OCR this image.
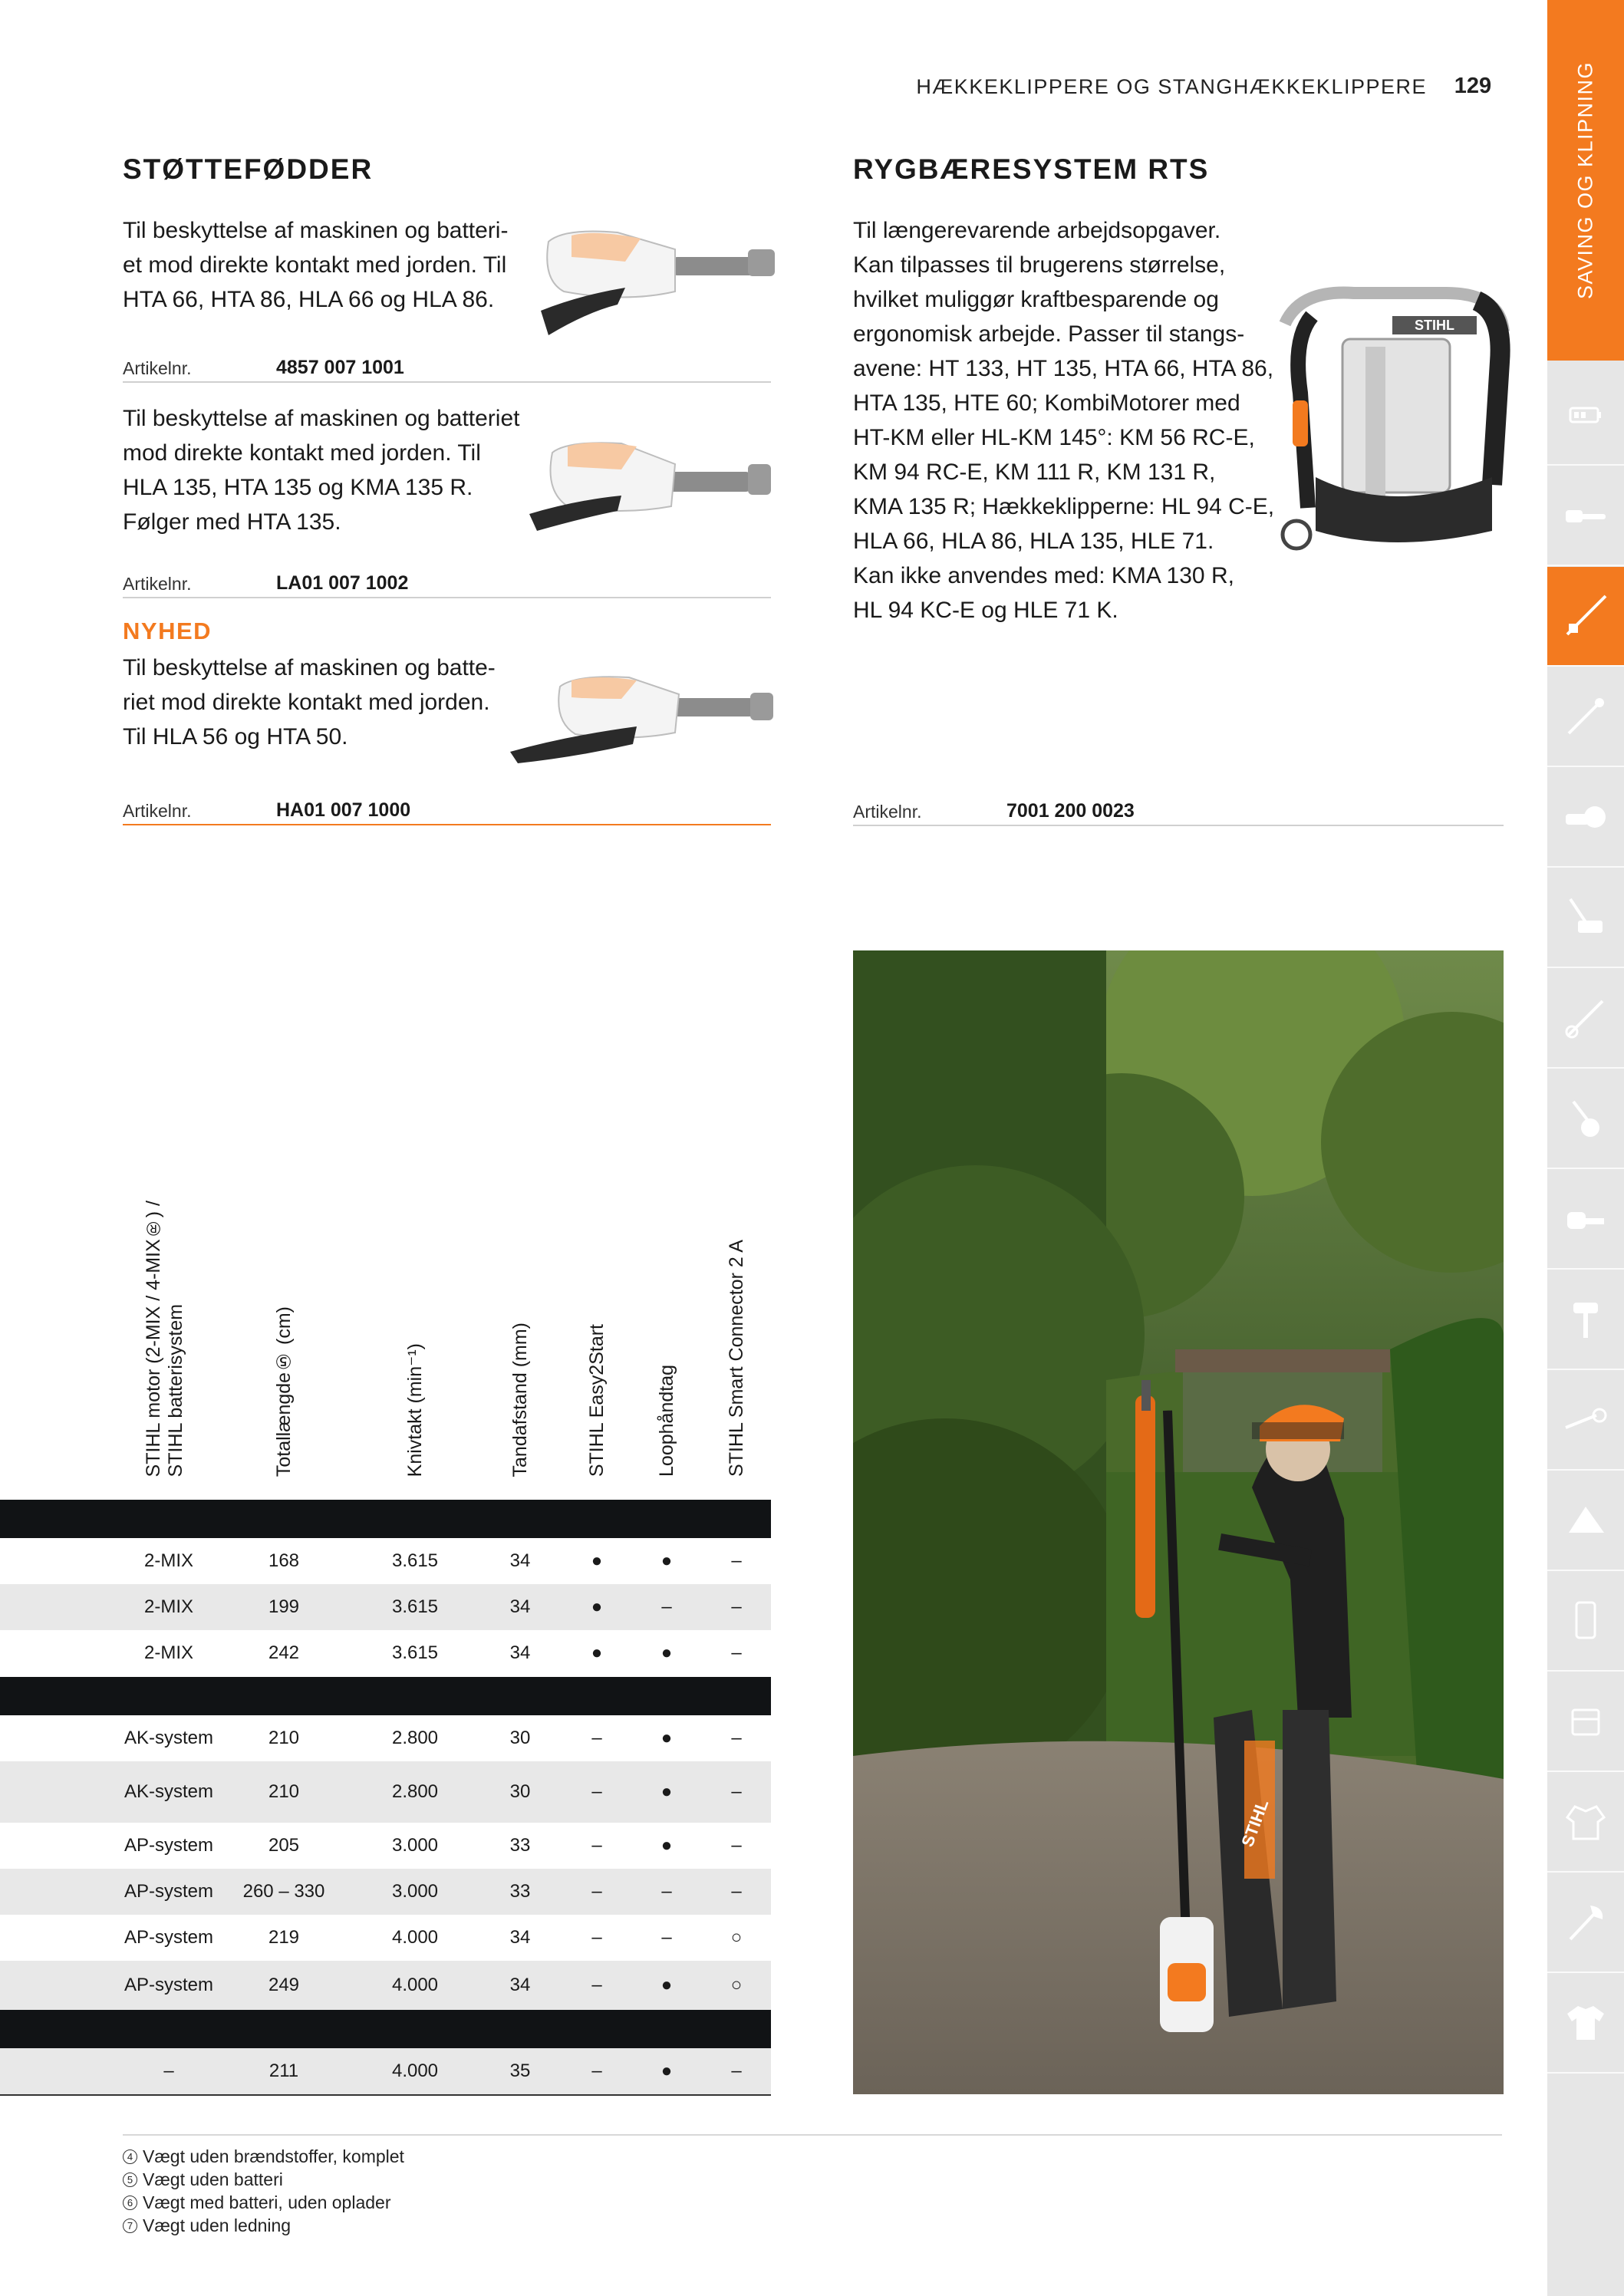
HÆKKEKLIPPERE OG STANGHÆKKEKLIPPERE	129
STØTTEFØDDER
Til beskyttelse af maskinen og batteri-
et mod direkte kontakt med jorden. Til
HTA 66, HTA 86, HLA 66 og HLA 86.
Artikelnr.	4857 007 1001
Til beskyttelse af maskinen og batteriet
mod direkte kontakt med jorden. Til
HLA 135, HTA 135 og KMA 135 R.
Følger med HTA 135.
Artikelnr.	LA01 007 1002
NYHED
Til beskyttelse af maskinen og batte-
riet mod direkte kontakt med jorden.
Til HLA 56 og HTA 50.
Artikelnr.	HA01 007 1000
RYGBÆRESYSTEM RTS
Til længerevarende arbejdsopgaver.
Kan tilpasses til brugerens størrelse,
hvilket muliggør kraftbesparende og
ergonomisk arbejde. Passer til stangs-
avene: HT 133, HT 135, HTA 66, HTA 86,
HTA 135, HTE 60; KombiMotorer med
HT-KM eller HL-KM 145°: KM 56 RC-E,
KM 94 RC-E, KM 111 R, KM 131 R,
KMA 135 R; Hækkeklipperne: HL 94 C-E,
HLA 66, HLA 86, HLA 135, HLE 71.
Kan ikke anvendes med: KMA 130 R,
HL 94 KC-E og HLE 71 K.
STIHL
Artikelnr.	7001 200 0023
STIHL motor (2-MIX / 4-MIX®) / STIHL batterisystem	Totallængde⑤ (cm)	Knivtakt (min⁻¹)	Tandafstand (mm)	STIHL Easy2Start	Loophåndtag	STIHL Smart Connector 2 A
2-MIX	168	3.615	34	●	●	–
2-MIX	199	3.615	34	●	–	–
2-MIX	242	3.615	34	●	●	–
AK-system	210	2.800	30	–	●	–
AK-system	210	2.800	30	–	●	–
AP-system	205	3.000	33	–	●	–
AP-system	260 – 330	3.000	33	–	–	–
AP-system	219	4.000	34	–	–	○
AP-system	249	4.000	34	–	●	○
–	211	4.000	35	–	●	–
4 Vægt uden brændstoffer, komplet
5 Vægt uden batteri
6 Vægt med batteri, uden oplader
7 Vægt uden ledning
STIHL
SAVING OG KLIPNING
